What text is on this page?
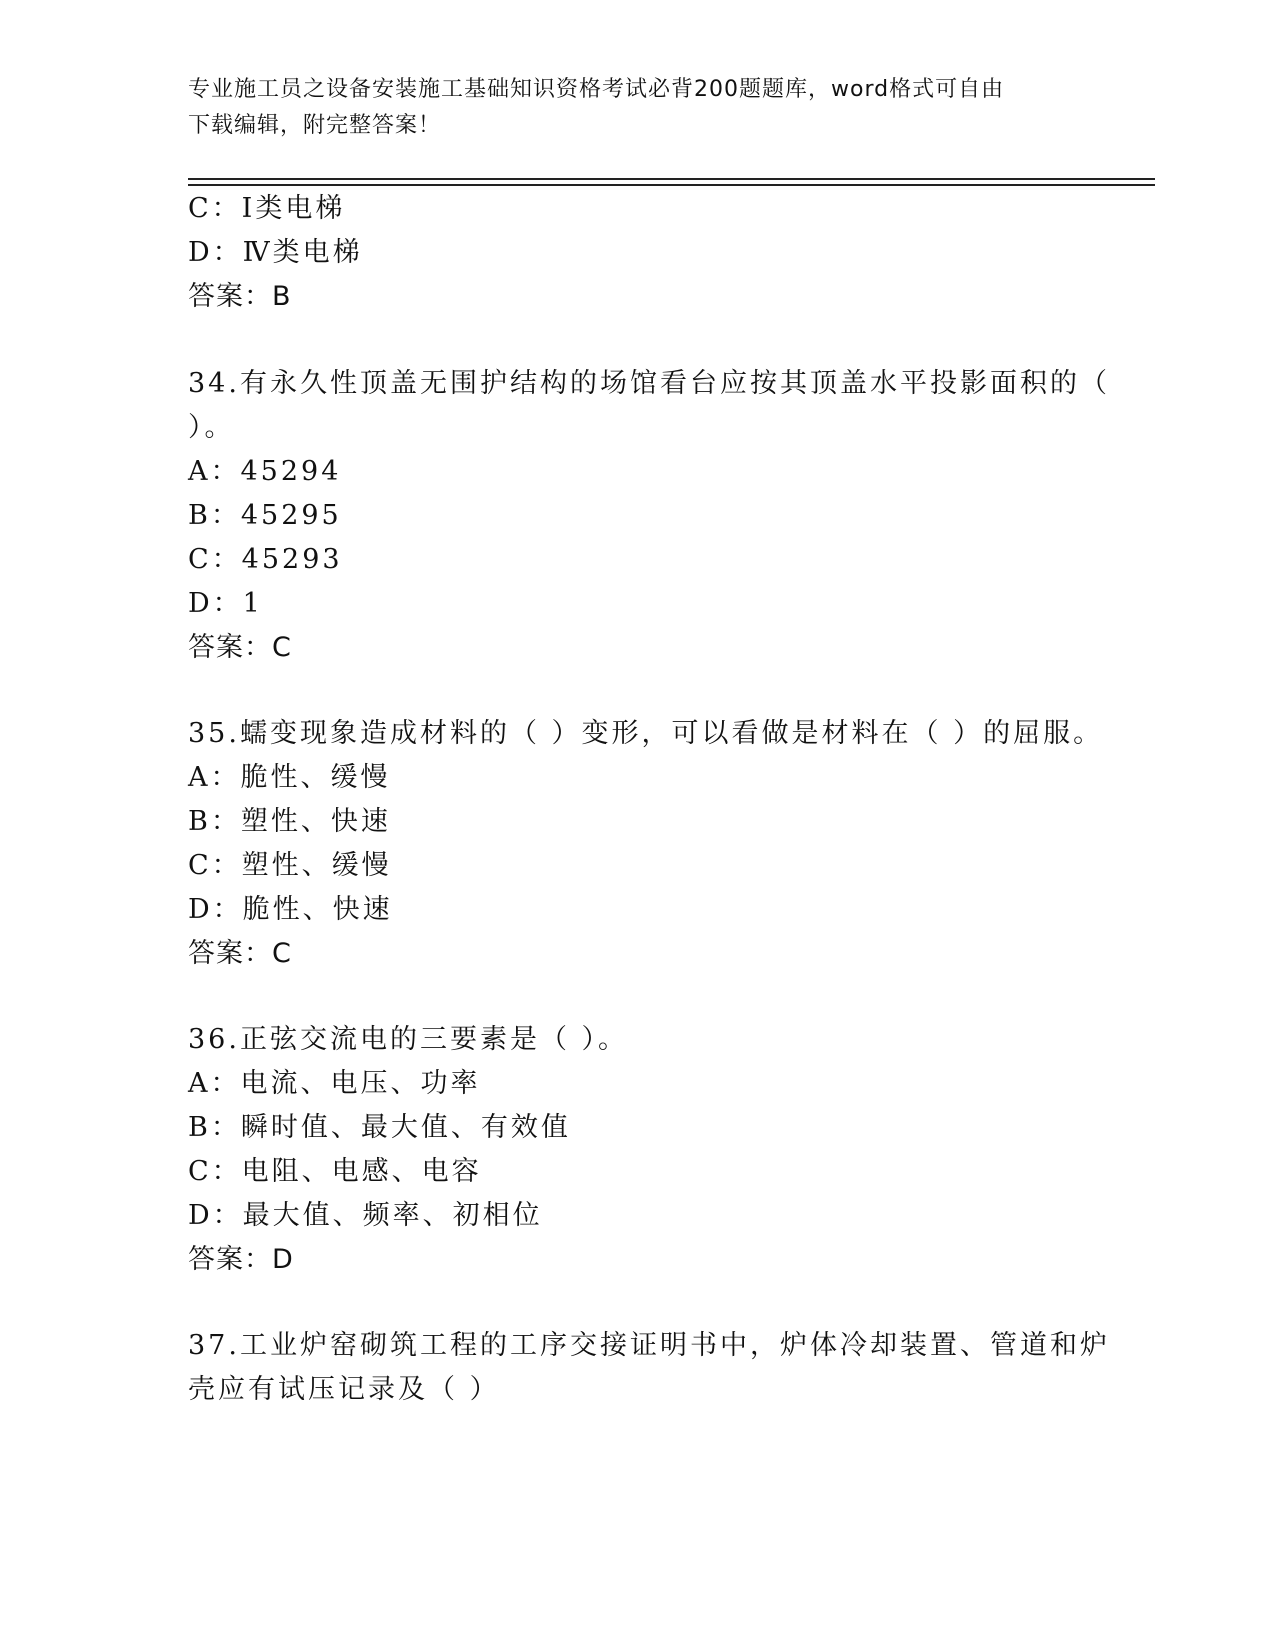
专业施工员之设备安装施工基础知识资格考试必背200题题库，word格式可自由
下载编辑，附完整答案！
C：Ⅰ类电梯
D：Ⅳ类电梯
答案：B
34.有永久性顶盖无围护结构的场馆看台应按其顶盖水平投影面积的（
）。
A：45294
B：45295
C：45293
D：1
答案：C
35.蠕变现象造成材料的（ ）变形，可以看做是材料在（ ）的屈服。
A：脆性、缓慢
B：塑性、快速
C：塑性、缓慢
D：脆性、快速
答案：C
36.正弦交流电的三要素是（ ）。
A：电流、电压、功率
B：瞬时值、最大值、有效值
C：电阻、电感、电容
D：最大值、频率、初相位
答案：D
37.工业炉窑砌筑工程的工序交接证明书中，炉体冷却装置、管道和炉
壳应有试压记录及（ ）
